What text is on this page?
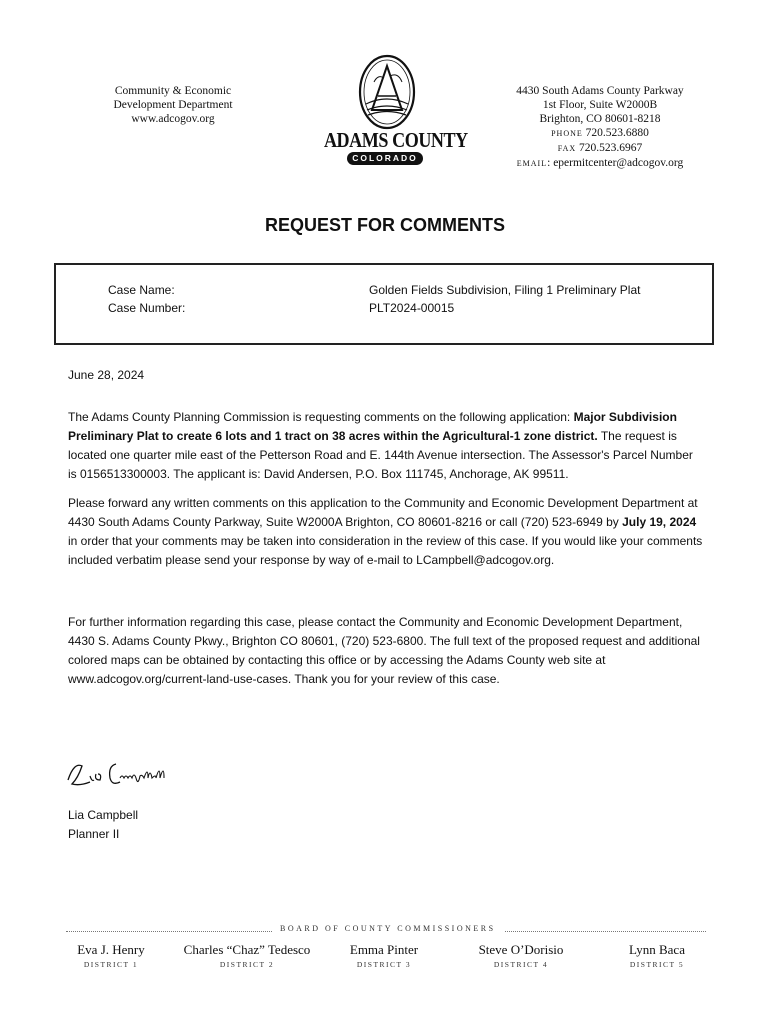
Community & Economic
Development Department
www.adcogov.org
ADAMS COUNTY
COLORADO
4430 South Adams County Parkway
1st Floor, Suite W2000B
Brighton, CO 80601-8218
PHONE 720.523.6880
FAX 720.523.6967
EMAIL: epermitcenter@adcogov.org
REQUEST FOR COMMENTS
Case Name:
Case Number:
Golden Fields Subdivision, Filing 1 Preliminary Plat
PLT2024-00015
June 28, 2024

The Adams County Planning Commission is requesting comments on the following application: Major Subdivision Preliminary Plat to create 6 lots and 1 tract on 38 acres within the Agricultural-1 zone district. The request is located one quarter mile east of the Petterson Road and E. 144th Avenue intersection. The Assessor's Parcel Number is 0156513300003. The applicant is: David Andersen, P.O. Box 111745, Anchorage, AK 99511.

Please forward any written comments on this application to the Community and Economic Development Department at 4430 South Adams County Parkway, Suite W2000A Brighton, CO 80601-8216 or call (720) 523-6949 by July 19, 2024 in order that your comments may be taken into consideration in the review of this case. If you would like your comments included verbatim please send your response by way of e-mail to LCampbell@adcogov.org.

For further information regarding this case, please contact the Community and Economic Development Department, 4430 S. Adams County Pkwy., Brighton CO 80601, (720) 523-6800. The full text of the proposed request and additional colored maps can be obtained by contacting this office or by accessing the Adams County web site at www.adcogov.org/current-land-use-cases. Thank you for your review of this case.

Lia Campbell
Planner II
BOARD OF COUNTY COMMISSIONERS
Eva J. Henry
DISTRICT 1
Charles “Chaz” Tedesco
DISTRICT 2
Emma Pinter
DISTRICT 3
Steve O’Dorisio
DISTRICT 4
Lynn Baca
DISTRICT 5
